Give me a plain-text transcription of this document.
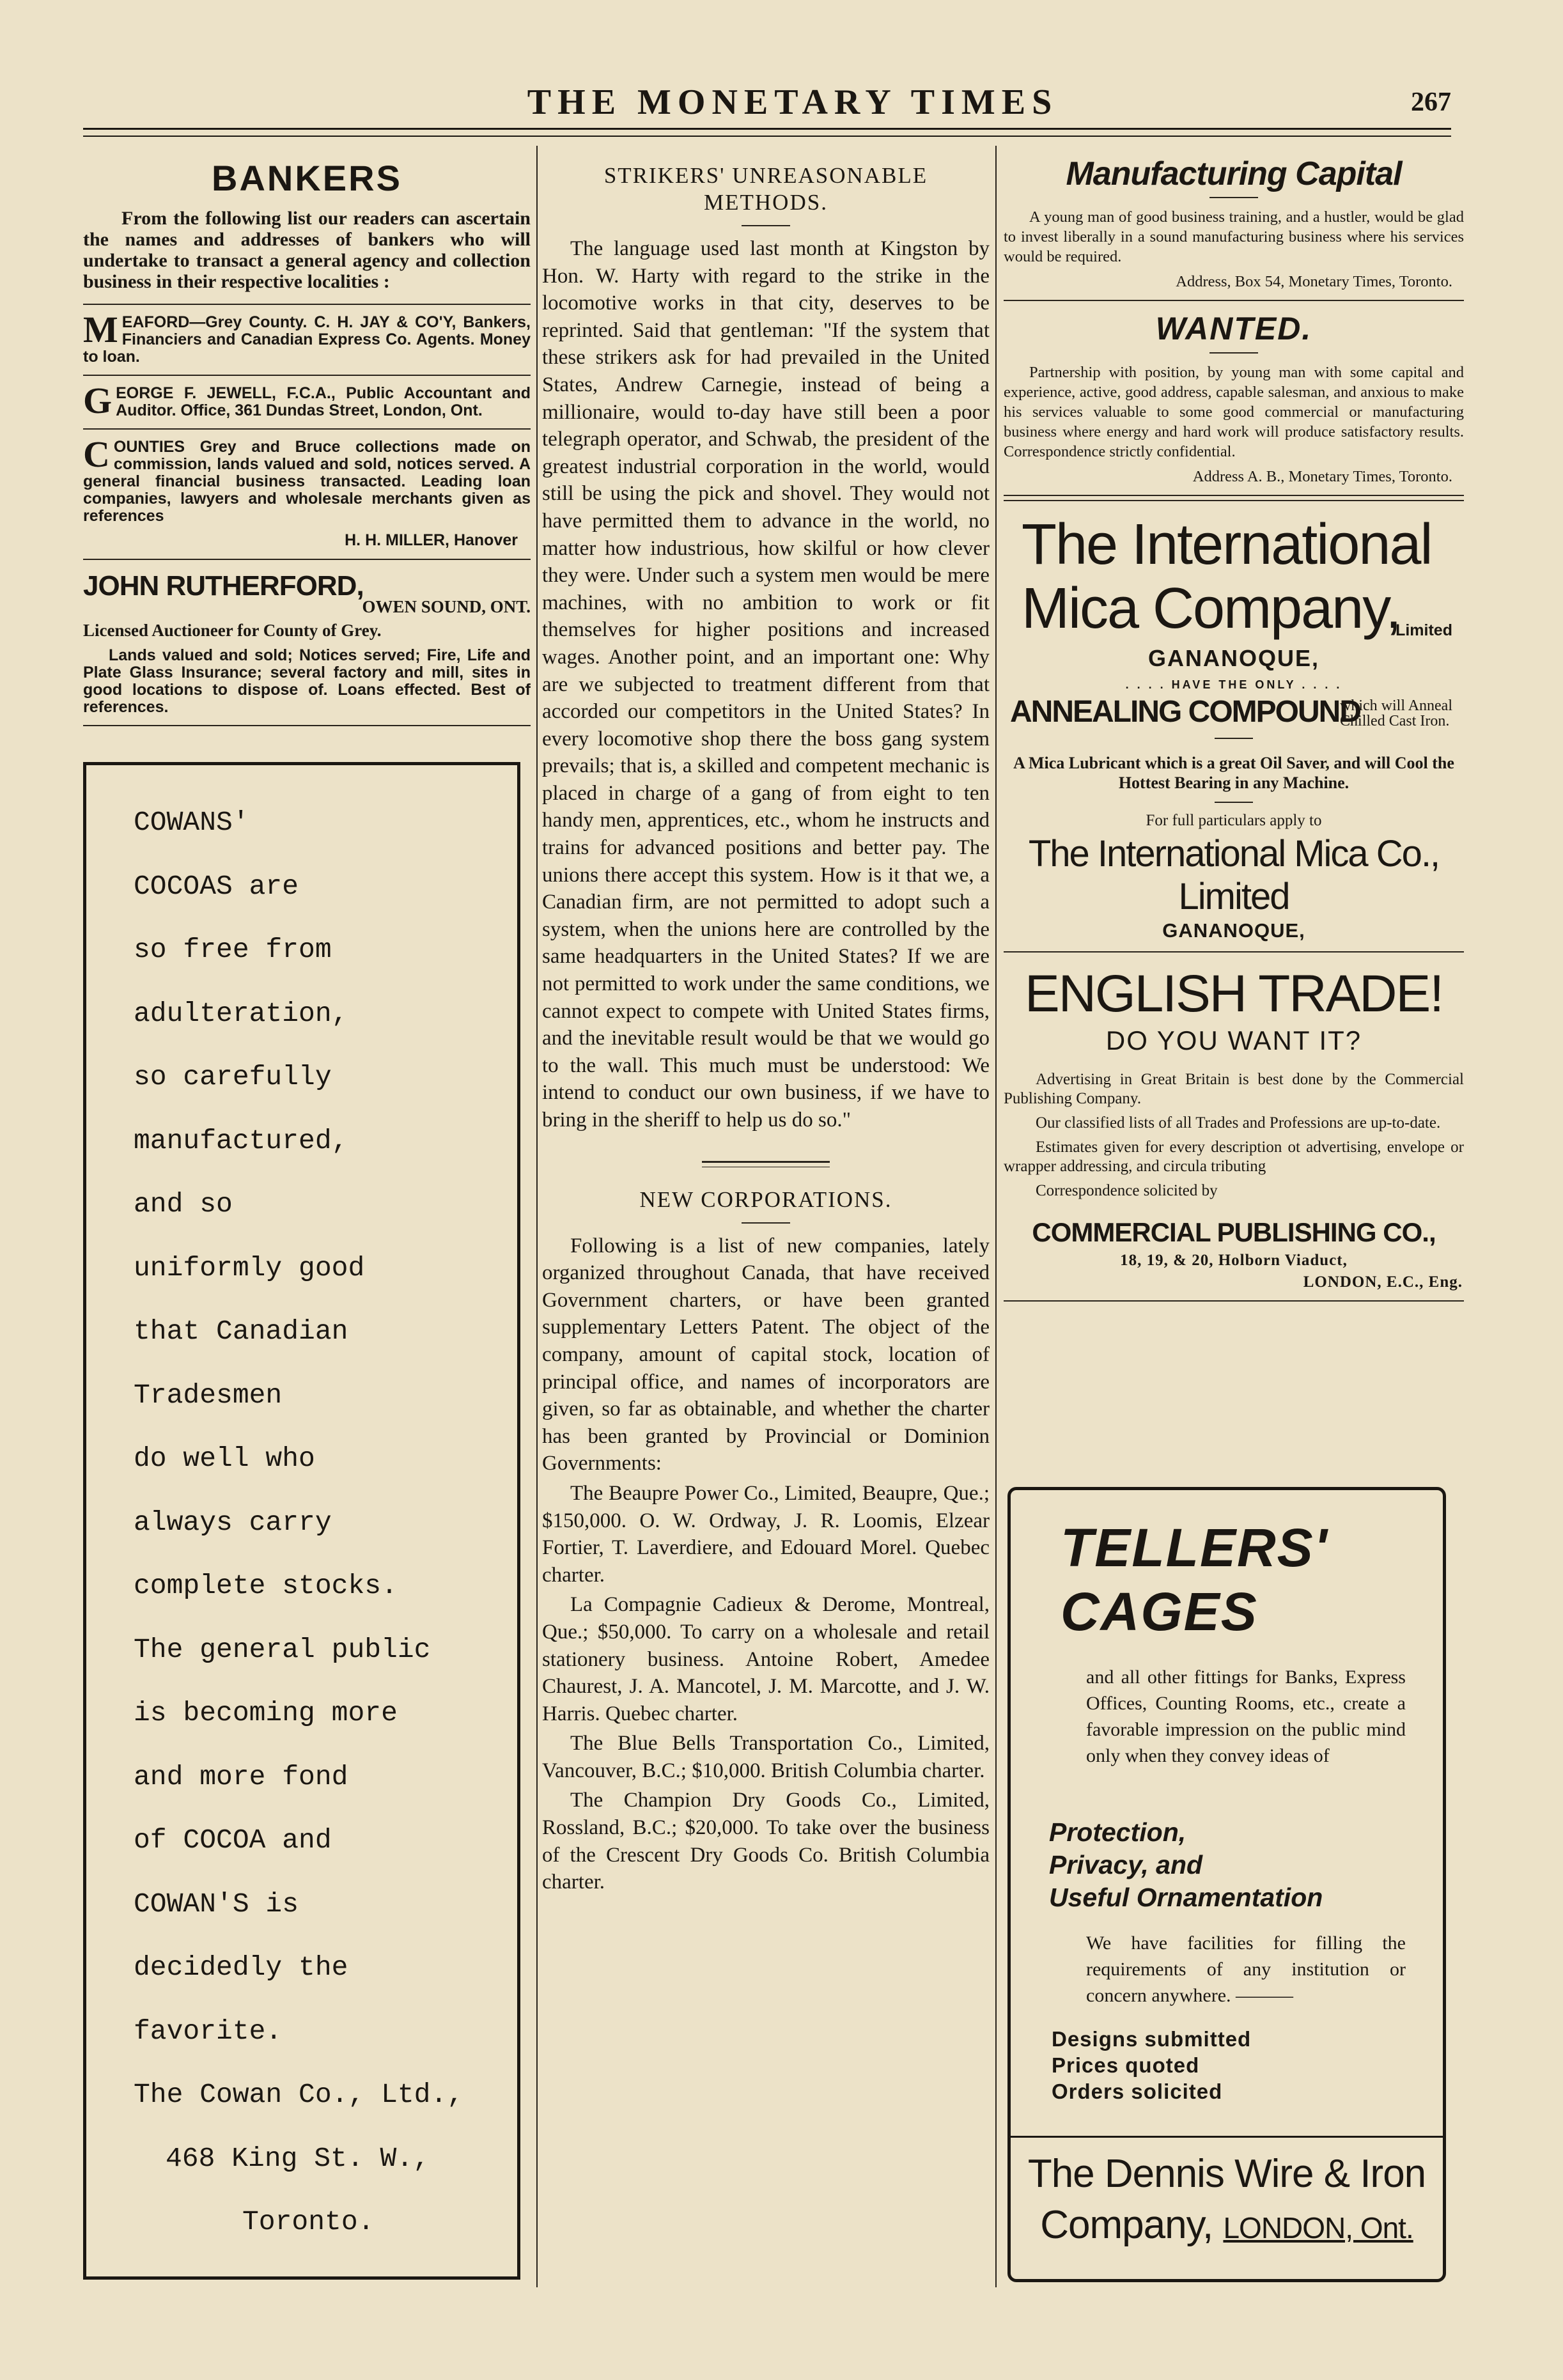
THE MONETARY TIMES	267
BANKERS

From the following list our readers can ascertain the names and addresses of bankers who will undertake to transact a general agency and collection business in their respective localities :

M EAFORD—Grey County. C. H. JAY & CO'Y, Bankers, Financiers and Canadian Express Co. Agents. Money to loan.
G EORGE F. JEWELL, F.C.A., Public Accountant and Auditor. Office, 361 Dundas Street, London, Ont.
C OUNTIES Grey and Bruce collections made on commission, lands valued and sold, notices served. A general financial business transacted. Leading loan companies, lawyers and wholesale merchants given as references
H. H. MILLER, Hanover
JOHN RUTHERFORD,
OWEN SOUND, ONT.
Licensed Auctioneer for County of Grey.
Lands valued and sold; Notices served; Fire, Life and Plate Glass Insurance; several factory and mill, sites in good locations to dispose of. Loans effected. Best of references.
COWANS'
COCOAS are
so free from
adulteration,
so carefully
manufactured,
and so
uniformly good
that Canadian
Tradesmen
do well who
always carry
complete stocks.
The general public
is becoming more
and more fond
of COCOA and
COWAN'S is
decidedly the
favorite.
The Cowan Co., Ltd.,
468 King St. W.,
Toronto.
STRIKERS' UNREASONABLE METHODS.

The language used last month at Kingston by Hon. W. Harty with regard to the strike in the locomotive works in that city, deserves to be reprinted. Said that gentleman: "If the system that these strikers ask for had prevailed in the United States, Andrew Carnegie, instead of being a millionaire, would to-day have still been a poor telegraph operator, and Schwab, the president of the greatest industrial corporation in the world, would still be using the pick and shovel. They would not have permitted them to advance in the world, no matter how industrious, how skilful or how clever they were. Under such a system men would be mere machines, with no ambition to work or fit themselves for higher positions and increased wages. Another point, and an important one: Why are we subjected to treatment different from that accorded our competitors in the United States? In every locomotive shop there the boss gang system prevails; that is, a skilled and competent mechanic is placed in charge of a gang of from eight to ten handy men, apprentices, etc., whom he instructs and trains for advanced positions and better pay. The unions there accept this system. How is it that we, a Canadian firm, are not permitted to adopt such a system, when the unions here are controlled by the same headquarters in the United States? If we are not permitted to work under the same conditions, we cannot expect to compete with United States firms, and the inevitable result would be that we would go to the wall. This much must be understood: We intend to conduct our own business, if we have to bring in the sheriff to help us do so."

NEW CORPORATIONS.

Following is a list of new companies, lately organized throughout Canada, that have received Government charters, or have been granted supplementary Letters Patent. The object of the company, amount of capital stock, location of principal office, and names of incorporators are given, so far as obtainable, and whether the charter has been granted by Provincial or Dominion Governments:

The Beaupre Power Co., Limited, Beaupre, Que.; $150,000. O. W. Ordway, J. R. Loomis, Elzear Fortier, T. Laverdiere, and Edouard Morel. Quebec charter.

La Compagnie Cadieux & Derome, Montreal, Que.; $50,000. To carry on a wholesale and retail stationery business. Antoine Robert, Amedee Chaurest, J. A. Mancotel, J. M. Marcotte, and J. W. Harris. Quebec charter.

The Blue Bells Transportation Co., Limited, Vancouver, B.C.; $10,000. British Columbia charter.

The Champion Dry Goods Co., Limited, Rossland, B.C.; $20,000. To take over the business of the Crescent Dry Goods Co. British Columbia charter.

Manufacturing Capital

A young man of good business training, and a hustler, would be glad to invest liberally in a sound manufacturing business where his services would be required.

Address, Box 54, Monetary Times, Toronto.
WANTED.

Partnership with position, by young man with some capital and experience, active, good address, capable salesman, and anxious to make his services valuable to some good commercial or manufacturing business where energy and hard work will produce satisfactory results. Correspondence strictly confidential.

Address A. B., Monetary Times, Toronto.
The International
Mica Company,
Limited
GANANOQUE,
. . . . HAVE THE ONLY . . . .
ANNEALING COMPOUND
which will Anneal
Chilled Cast Iron.
A Mica Lubricant which is a great Oil Saver, and will Cool the Hottest Bearing in any Machine.
For full particulars apply to
The International Mica Co., Limited
GANANOQUE,
ENGLISH TRADE!
DO YOU WANT IT?

Advertising in Great Britain is best done by the Commercial Publishing Company.

Our classified lists of all Trades and Professions are up-to-date.

Estimates given for every description ot advertising, envelope or wrapper addressing, and circula tributing

Correspondence solicited by

COMMERCIAL PUBLISHING CO.,
18, 19, & 20, Holborn Viaduct,
LONDON, E.C., Eng.
TELLERS'
CAGES
and all other fittings for Banks, Express Offices, Counting Rooms, etc., create a favorable impression on the public mind only when they convey ideas of
Protection,
Privacy, and
Useful Ornamentation
We have facilities for filling the requirements of any institution or concern anywhere. ———
Designs submitted
Prices quoted
Orders solicited
The Dennis Wire & Iron
Company, LONDON, Ont.
